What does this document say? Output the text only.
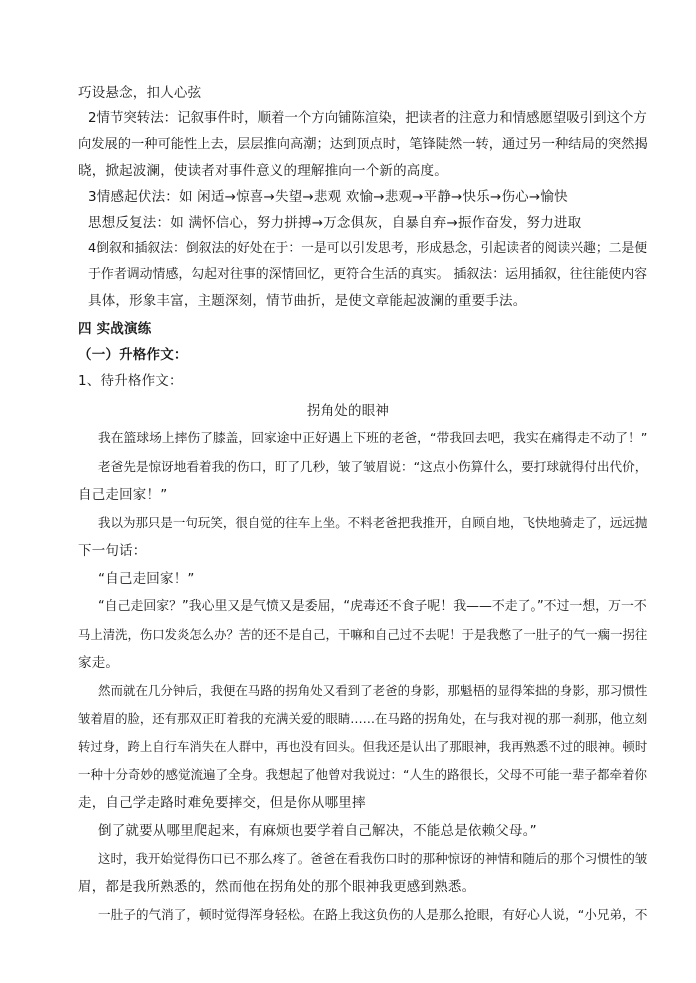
巧设悬念，扣人心弦
2情节突转法：记叙事件时，顺着一个方向铺陈渲染，把读者的注意力和情感愿望吸引到这个方
向发展的一种可能性上去，层层推向高潮；达到顶点时，笔锋陡然一转，通过另一种结局的突然揭
晓，掀起波澜，使读者对事件意义的理解推向一个新的高度。
3情感起伏法：如 闲适→惊喜→失望→悲观 欢愉→悲观→平静→快乐→伤心→愉快
思想反复法：如 满怀信心，努力拼搏→万念俱灰，自暴自弃→振作奋发，努力进取
4倒叙和插叙法：倒叙法的好处在于：一是可以引发思考，形成悬念，引起读者的阅读兴趣；二是便
于作者调动情感，勾起对往事的深情回忆，更符合生活的真实。 插叙法：运用插叙，往往能使内容
具体，形象丰富，主题深刻，情节曲折，是使文章能起波澜的重要手法。
四 实战演练
（一）升格作文：
1、待升格作文：
拐角处的眼神
我在篮球场上摔伤了膝盖，回家途中正好遇上下班的老爸，“带我回去吧，我实在痛得走不动了！”
老爸先是惊讶地看着我的伤口，盯了几秒，皱了皱眉说：“这点小伤算什么，要打球就得付出代价，
自己走回家！”
我以为那只是一句玩笑，很自觉的往车上坐。不料老爸把我推开，自顾自地，飞快地骑走了，远远抛
下一句话：
“自己走回家！”
“自己走回家？”我心里又是气愤又是委屈，“虎毒还不食子呢！我——不走了。”不过一想，万一不
马上清洗，伤口发炎怎么办？苦的还不是自己，干嘛和自己过不去呢！于是我憋了一肚子的气一瘸一拐往
家走。
然而就在几分钟后，我便在马路的拐角处又看到了老爸的身影，那魁梧的显得笨拙的身影，那习惯性
皱着眉的脸，还有那双正盯着我的充满关爱的眼睛……在马路的拐角处，在与我对视的那一刹那，他立刻
转过身，跨上自行车消失在人群中，再也没有回头。但我还是认出了那眼神，我再熟悉不过的眼神。顿时
一种十分奇妙的感觉流遍了全身。我想起了他曾对我说过：“人生的路很长，父母不可能一辈子都牵着你
走，自己学走路时难免要摔交，但是你从哪里摔
倒了就要从哪里爬起来，有麻烦也要学着自己解决，不能总是依赖父母。”
这时，我开始觉得伤口已不那么疼了。爸爸在看我伤口时的那种惊讶的神情和随后的那个习惯性的皱
眉，都是我所熟悉的，然而他在拐角处的那个眼神我更感到熟悉。
一肚子的气消了，顿时觉得浑身轻松。在路上我这负伤的人是那么抢眼，有好心人说，“小兄弟，不
